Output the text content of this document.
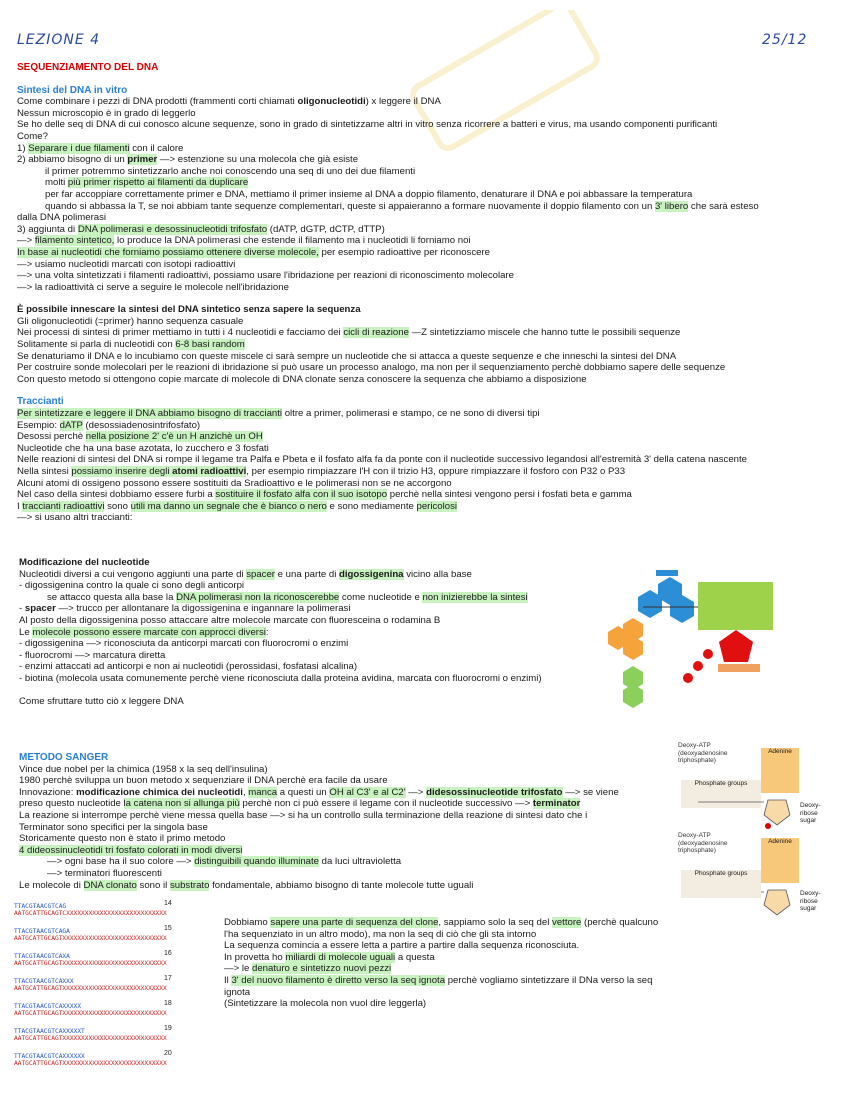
LEZIONE 4	25/12

SEQUENZIAMENTO DEL DNA

Sintesi del DNA in vitro

Come combinare i pezzi di DNA prodotti (frammenti corti chiamati oligonucleotidi) x leggere il DNA

Nessun microscopio è in grado di leggerlo

Se ho delle seq di DNA di cui conosco alcune sequenze, sono in grado di sintetizzarne altri in vitro senza ricorrere a batteri e virus, ma usando componenti purificanti

Come?

1) Separare i due filamenti con il calore

2) abbiamo bisogno di un primer —> estenzione su una molecola che già esiste

il primer potremmo sintetizzarlo anche noi conoscendo una seq di uno dei due filamenti

molti più primer rispetto ai filamenti da duplicare

per far accoppiare correttamente primer e DNA, mettiamo il primer insieme al DNA a doppio filamento, denaturare il DNA e poi abbassare la temperatura

quando si abbassa la T, se noi abbiam tante sequenze complementari, queste si appaieranno a formare nuovamente il doppio filamento con un 3' libero che sarà esteso

dalla DNA polimerasi

3) aggiunta di DNA polimerasi e desossinucleotidi trifosfato (dATP, dGTP, dCTP, dTTP)

—> filamento sintetico, lo produce la DNA polimerasi che estende il filamento ma i nucleotidi li forniamo noi

In base ai nucleotidi che forniamo possiamo ottenere diverse molecole, per esempio radioattive per riconoscere

—> usiamo nucleotidi marcati con isotopi radioattivi

—> una volta sintetizzati i filamenti radioattivi, possiamo usare l'ibridazione per reazioni di riconoscimento molecolare

—> la radioattività ci serve a seguire le molecole nell'ibridazione

È possibile innescare la sintesi del DNA sintetico senza sapere la sequenza

Gli oligonucleotidi (=primer) hanno sequenza casuale

Nei processi di sintesi di primer mettiamo in tutti i 4 nucleotidi e facciamo dei cicli di reazione —Z sintetizziamo miscele che hanno tutte le possibili sequenze

Solitamente si parla di nucleotidi con 6-8 basi random

Se denaturiamo il DNA e lo incubiamo con queste miscele ci sarà sempre un nucleotide che si attacca a queste sequenze e che inneschi la sintesi del DNA

Per costruire sonde molecolari per le reazioni di ibridazione si può usare un processo analogo, ma non per il sequenziamento perchè dobbiamo sapere delle sequenze

Con questo metodo si ottengono copie marcate di molecole di DNA clonate senza conoscere la sequenza che abbiamo a disposizione

Traccianti

Per sintetizzare e leggere il DNA abbiamo bisogno di traccianti oltre a primer, polimerasi e stampo, ce ne sono di diversi tipi

Esempio: dATP (desossiadenosintrifosfato)

Desossi perchè nella posizione 2' c'è un H anzichè un OH

Nucleotide che ha una base azotata, lo zucchero e 3 fosfati

Nelle reazioni di sintesi del DNA si rompe il legame tra Palfa e Pbeta e il fosfato alfa fa da ponte con il nucleotide successivo legandosi all'estremità 3' della catena nascente

Nella sintesi possiamo inserire degli atomi radioattivi, per esempio rimpiazzare l'H con il trizio H3, oppure rimpiazzare il fosforo con P32 o P33

Alcuni atomi di ossigeno possono essere sostituiti da Sradioattivo e le polimerasi non se ne accorgono

Nel caso della sintesi dobbiamo essere furbi a sostituire il fosfato alfa con il suo isotopo perchè nella sintesi vengono persi i fosfati beta e gamma

I traccianti radioattivi sono utili ma danno un segnale che è bianco o nero e sono mediamente pericolosi

—> si usano altri traccianti:

Modificazione del nucleotide

Nucleotidi diversi a cui vengono aggiunti una parte di spacer e una parte di digossigenina vicino alla base

- digossigenina contro la quale ci sono degli anticorpi

se attacco questa alla base la DNA polimerasi non la riconoscerebbe come nucleotide e non inizierebbe la sintesi

- spacer —> trucco per allontanare la digossigenina e ingannare la polimerasi

Al posto della digossigenina posso attaccare altre molecole marcate con fluoresceina o rodamina B

Le molecole possono essere marcate con approcci diversi:

- digossigenina —> riconosciuta da anticorpi marcati con fluorocromi o enzimi

- fluorocromi —> marcatura diretta

- enzimi attaccati ad anticorpi e non ai nucleotidi (perossidasi, fosfatasi alcalina)

- biotina (molecola usata comunemente perchè viene riconosciuta dalla proteina avidina, marcata con fluorocromi o enzimi)

Come sfruttare tutto ciò x leggere DNA

METODO SANGER

Vince due nobel per la chimica (1958 x la seq dell'insulina)

1980 perchè sviluppa un buon metodo x sequenziare il DNA perchè era facile da usare

Innovazione: modificazione chimica dei nucleotidi, manca a questi un OH al C3' e al C2' —> didesossinucleotide trifosfato —> se viene

preso questo nucleotide la catena non si allunga più perchè non ci può essere il legame con il nucleotide successivo —> terminator

La reazione si interrompe perchè viene messa quella base —> si ha un controllo sulla terminazione della reazione di sintesi dato che i

Terminator sono specifici per la singola base

Storicamente questo non è stato il primo metodo

4 dideossinucleotidi tri fosfato colorati in modi diversi

—> ogni base ha il suo colore —> distinguibili quando illuminate da luci ultravioletta

—> terminatori fluorescenti

Le molecole di DNA clonato sono il substrato fondamentale, abbiamo bisogno di tante molecole tutte uguali

Deoxy-ATP
(deoxyadenosine
triphosphate)
Adenine
Phosphate groups
Deoxy-
ribose
sugar
Deoxy-ATP
(deoxyadenosine
triphosphate)
Adenine
Phosphate groups
Deoxy-
ribose
sugar
TTACGTAACGTCAG	14
AATGCATTGCAGTCXXXXXXXXXXXXXXXXXXXXXXXXXXX
TTACGTAACGTCAGA	15
AATGCATTGCAGTXXXXXXXXXXXXXXXXXXXXXXXXXXXX
TTACGTAACGTCAXA	16
AATGCATTGCAGTXXXXXXXXXXXXXXXXXXXXXXXXXXXX
TTACGTAACGTCAXXX	17
AATGCATTGCAGTXXXXXXXXXXXXXXXXXXXXXXXXXXXX
TTACGTAACGTCAXXXXX	18
AATGCATTGCAGTXXXXXXXXXXXXXXXXXXXXXXXXXXXX
TTACGTAACGTCAXXXXXT	19
AATGCATTGCAGTXXXXXXXXXXXXXXXXXXXXXXXXXXXX
TTACGTAACGTCAXXXXXX	20
AATGCATTGCAGTXXXXXXXXXXXXXXXXXXXXXXXXXXXX

Dobbiamo sapere una parte di sequenza del clone, sappiamo solo la seq del vettore (perchè qualcuno

l'ha sequenziato in un altro modo), ma non la seq di ciò che gli sta intorno

La sequenza comincia a essere letta a partire a partire dalla sequenza riconosciuta.

In provetta ho miliardi di molecole uguali a questa

—> le denaturo e sintetizzo nuovi pezzi

Il 3' del nuovo filamento è diretto verso la seq ignota perchè vogliamo sintetizzare il DNa verso la seq

ignota

(Sintetizzare la molecola non vuol dire leggerla)
